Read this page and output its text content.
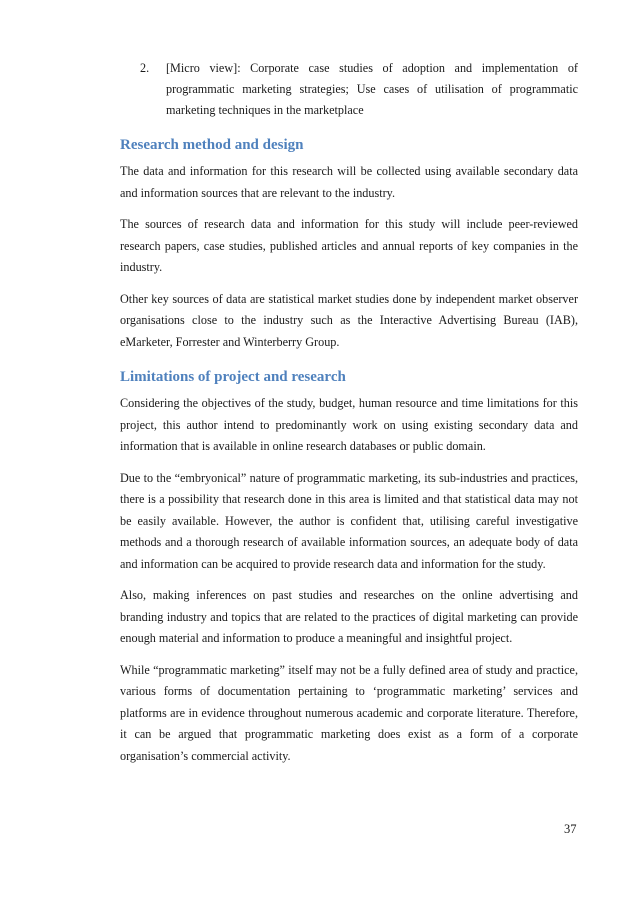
2. [Micro view]: Corporate case studies of adoption and implementation of programmatic marketing strategies; Use cases of utilisation of programmatic marketing techniques in the marketplace
Research method and design

The data and information for this research will be collected using available secondary data and information sources that are relevant to the industry.

The sources of research data and information for this study will include peer-reviewed research papers, case studies, published articles and annual reports of key companies in the industry.

Other key sources of data are statistical market studies done by independent market observer organisations close to the industry such as the Interactive Advertising Bureau (IAB), eMarketer, Forrester and Winterberry Group.

Limitations of project and research

Considering the objectives of the study, budget, human resource and time limitations for this project, this author intend to predominantly work on using existing secondary data and information that is available in online research databases or public domain.

Due to the “embryonical” nature of programmatic marketing, its sub-industries and practices, there is a possibility that research done in this area is limited and that statistical data may not be easily available. However, the author is confident that, utilising careful investigative methods and a thorough research of available information sources, an adequate body of data and information can be acquired to provide research data and information for the study.

Also, making inferences on past studies and researches on the online advertising and branding industry and topics that are related to the practices of digital marketing can provide enough material and information to produce a meaningful and insightful project.

While “programmatic marketing” itself may not be a fully defined area of study and practice, various forms of documentation pertaining to ‘programmatic marketing’ services and platforms are in evidence throughout numerous academic and corporate literature. Therefore, it can be argued that programmatic marketing does exist as a form of a corporate organisation’s commercial activity.

37
